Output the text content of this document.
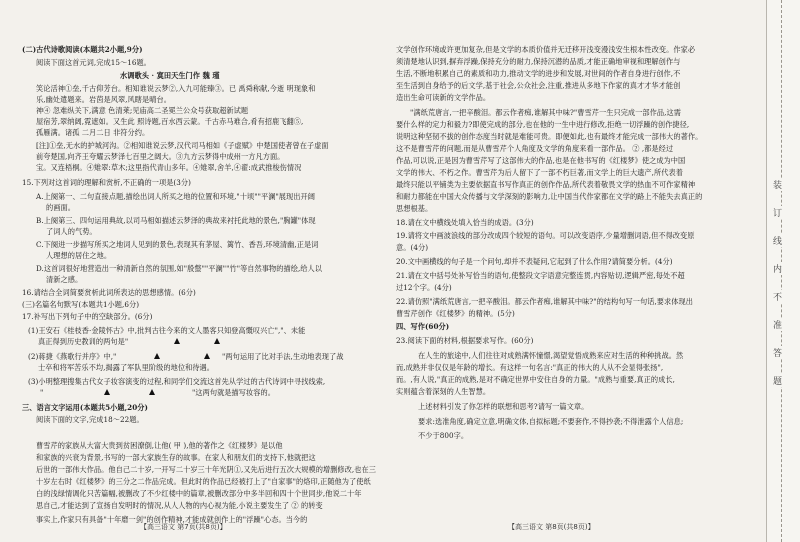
(二)古代诗歌阅读(本题共2小题,9分)
阅读下面这首元词,完成15～16题。
水调歌头 · 寞田天生门作 魏 瑾
笑论活神①垒,千古仰芳台。相知谁说云梦②,入九可能臻③。已 禹舜称献,今逝 明现象和
乐,幽处遣题来。岩茵是风翠,风瞎是晴台。
神④ 忽难纵关下,满意 色清莱;见庙高二圣冕兰公众号获取超新试题
屋宿芳,翠纳阔,霓遮如。又生此 照诗题,百水西云蒙。千古赤马难合,肴有招鹿飞翻⑤,
孤雁满。诸孤 二月二日 非符分约。
[注]①垒,无水的护城河沟。②相知谁说云梦,汉代司马相如《子虚赋》中楚国使者曾在子虚面
前夸楚国,向齐王夸耀云梦泽七百里之阔大。③九方云梦得中成州一方凡方面。
宝。又连梧桐。④雉翠:草木;这里指代青山多年。④雉翠,舍羊,④翟:成武推梭伤情况
15.下列对这首词的理解和赏析,不正确的一项是(3分)
A.上阕第一、二句直接点题,描绘出词人所买之地的位置和环境,"十顷""平澜"展现出开阔
的画面。
B.上阕第三、四句运用典故,以司马相如描述云梦泽的典故来衬托此地的景色,"胸罐"体现
了词人的气势。
C.下阕进一步描写所买之地词人见到的景色,表现其有茅屋、篱竹、香吾,环境清幽,正是词
人理想的居住之地。
D.这首词很好地营造出一种清新自然的氛围,如"殷螫""平澜""竹"等自然事物的描绘,给人以
清新之感。
16.请结合全词简要赏析此词所表达的思想感情。(6分)
(三)名篇名句默写(本题共1小题,6分)
17.补写出下列句子中的空缺部分。(6分)
(1)王安石《桂枝香·金陵怀古》中,批判古往今来的文人墨客只知登高慨叹兴亡","、未能
真正得到历史教训的两句是"
(2)蒋捷《燕歌行并序》中,"	"两句运用了比对手法,生动地表现了战
士卒和将军苦乐不均,揭露了军队里阶级的地位和待遇。
(3)小明整理搜集古代女子妆容演变的过程,和同学们交流这首先从学过的古代诗词中寻找线索,
"	"这两句就是描写妆容的。
三、语言文字运用(本题共5小题,20分)
阅读下面的文字,完成18～22题。
曹雪芹的家族从大富大贵到贫困潦倒,让他( 甲 ),他的著作之《红楼梦》是以他
和家族的兴衰为背景,书写的一部大家族生存的故事。在家人和朋友们的支持下,他就把这
后世的一部伟大作品。他自己二十岁,一开写二十岁三十年光阴①,又先后进行五次大规模的增删修改,也在三
十岁左右时《红楼梦》的三分之二作品完成。但此时的作品已经被打上了"自家事"的烙印,正随他为了使纸
白的浅绿情调化只苦篇幅,被删改了不少红楼中的篇章,被删改部分中多半回和四十个世同步,他说二十年
思自己,才能达到了宣扬自发明时的情况,从人人物的内心视为能,小说主要发生了 ② 的转变
事实上,作家只有具备"十年磨一剑"的创作精神,才能成就创作上的"浮躁"心态。当今的
文学创作环境或许更加复杂,但是文学的本质价值并无迁移开浅变漫浅安生根本性改变。作家必
须清楚地认识到,摒弃浮躁,保持充分的耐力,保持沉潜的品质,才能正确地审视和理解创作与
生活,不断地积累自己的素质和功力,推动文学的进步和发展,对世间的作者自身进行创作,不
至生活到自身给予的后文学,基于社会,公众社会,注重,推进从多地下作家的真才才华才能创
造出生命可读新的文学作品。
"满纸荒唐言,一把辛酸泪。都云作者痴,谁解其中味?"曹雪芹一生只完成一部作品,这需
要什么样的定力和毅力?即使完成的部分,也在他的一生中进行修改,拒绝一切浮躁的创作捷径,
说明这种坚韧不拔的创作态度当时就是难能可贵。即便如此,也有最终才能完成一部伟大的著作。
这不是曹雪芹的问题,而是从曹雪芹个人角度及文学的角度来看一部作品。 ② ,都是经过
作品,可以说,正是因为曹雪芹写了这部伟大的作品,也是在他书写的《红楼梦》使之成为中国
文学的伟大、不朽之作。曹雪芹为后人留下了一部不朽巨著,而文学上的巨大遗产,所代表着
最终只能以平铺类为主要依据直书写作真正的创作作品,所代表着敬畏文学的热血不可作家精神
和耐力都能在中国大众传播与文学深刻的影响力,让中国当代作家都在文学的路上不能失去真正的
思想根基。
18.请在文中横线处填入恰当的成语。(3分)
19.请将文中画波浪线的部分改成四个较短的语句。可以改变语序,少量增删词语,但不得改变原
意。(4分)
20.文中画横线的句子是一个问句,却并不表疑问,它起到了什么作用?请简要分析。(4分)
21.请在文中括号处补写恰当的语句,使整段文字语意完整连贯,内容贴切,逻辑严密,每处不超
过12个字。(4分)
22.请仿照"满纸荒唐言,一把辛酸泪。都云作者痴,谁解其中味?"的结构句写一句话,要求体现出
曹雪芹创作《红楼梦》的精神。(5分)
四、写作(60分)
23.阅读下面的材料,根据要求写作。(60分)
在人生的旅途中,人们往往对成熟满怀憧憬,渴望觉悟成熟来应对生活的种种挑战。然
而,成熟并非仅仅是年龄的增长。有这样一句名言:"真正的伟大的人从不会显得张扬",
而。,有人说,"真正的成熟,是对不确定世界中安住自身的力量。"成熟与重要,真正的成长,
实则蕴含着深刻的人生智慧。
上述材料引发了你怎样的联想和思考?请写一篇文章。
要求:选准角度,确定立意,明确文体,自拟标题;不要套作,不得抄袭;不得泄露个人信息;
不少于800字。
【高三语文 第7页(共8页)】	【高三语文 第8页(共8页)】
装
订
线
内
不
准
答
题
